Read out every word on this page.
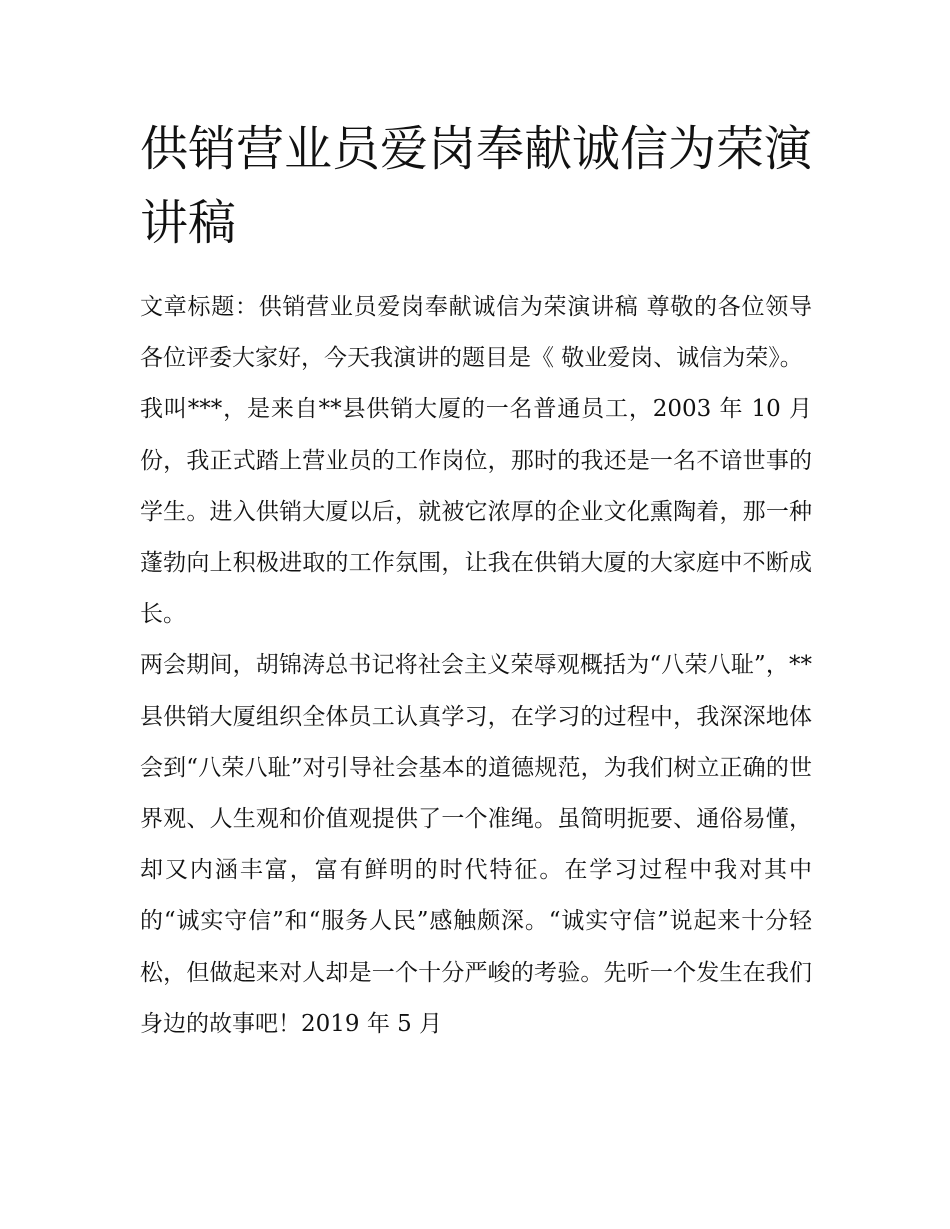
供销营业员爱岗奉献诚信为荣演讲稿

文章标题：供销营业员爱岗奉献诚信为荣演讲稿 尊敬的各位领导各位评委大家好，今天我演讲的题目是《 敬业爱岗、诚信为荣》。

我叫***，是来自**县供销大厦的一名普通员工，2003 年 10 月份，我正式踏上营业员的工作岗位，那时的我还是一名不谙世事的学生。进入供销大厦以后，就被它浓厚的企业文化熏陶着，那一种蓬勃向上积极进取的工作氛围，让我在供销大厦的大家庭中不断成长。

两会期间，胡锦涛总书记将社会主义荣辱观概括为“八荣八耻”，**县供销大厦组织全体员工认真学习，在学习的过程中，我深深地体会到“八荣八耻”对引导社会基本的道德规范，为我们树立正确的世界观、人生观和价值观提供了一个准绳。虽简明扼要、通俗易懂，却又内涵丰富，富有鲜明的时代特征。在学习过程中我对其中的“诚实守信”和“服务人民”感触颇深。“诚实守信”说起来十分轻松，但做起来对人却是一个十分严峻的考验。先听一个发生在我们身边的故事吧！2019 年 5 月
